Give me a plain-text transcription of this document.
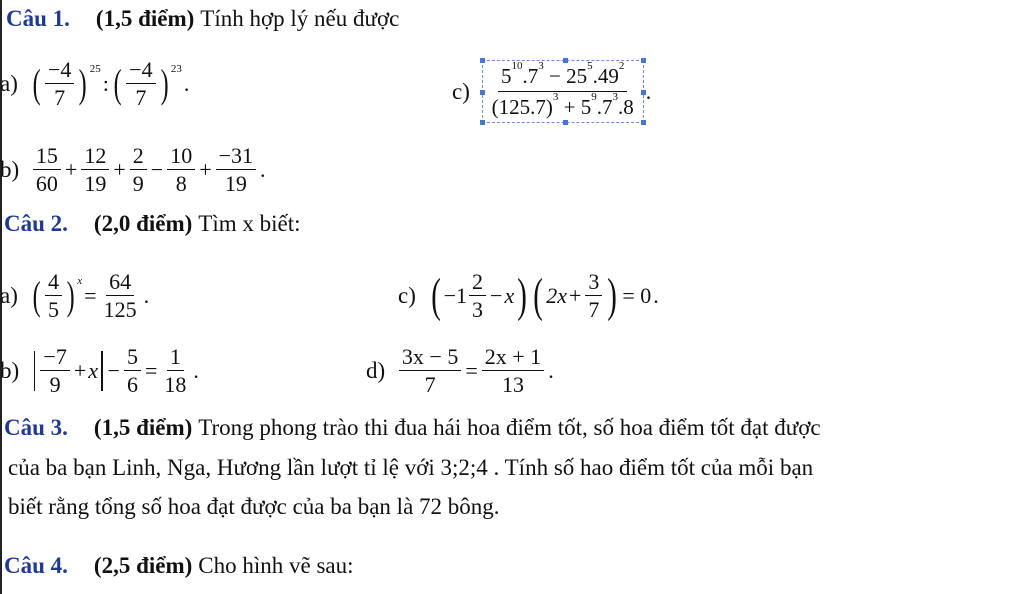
Câu 1. (1,5 điểm) Tính hợp lý nếu được
a) ( $\frac{-4}{7} )^{25}$
: ( $\frac{-4}{7} )^{23}$
.	$c) \frac{5^{10}.7^3 - 25^5.49^2}{(125.7)^3 + 5^9.7^3.8}$ .
$b) \frac{15}{60} + \frac{12}{19} + \frac{2}{9} - \frac{10}{8} + \frac{-31}{19}$ .
Câu 2. (2,0 điểm) Tìm x biết:
a) ( $\frac{4}{5} )^x$
= $\frac{64}{125}$ .	c) ( $-1 \frac{2}{3} - x$ ) ( $2x + \frac{3}{7}$ ) = 0 .
$b) \frac{-7}{9} + x - \frac{5}{6} = \frac{1}{18}$ .	$d) \frac{3x - 5}{7} = \frac{2x + 1}{13}$ .
Câu 3. (1,5 điểm) Trong phong trào thi đua hái hoa điểm tốt, số hoa điểm tốt đạt được
của ba bạn Linh, Nga, Hương lần lượt tỉ lệ với 3;2;4 . Tính số hao điểm tốt của mỗi bạn
biết rằng tổng số hoa đạt được của ba bạn là 72 bông.
Câu 4. (2,5 điểm) Cho hình vẽ sau:
